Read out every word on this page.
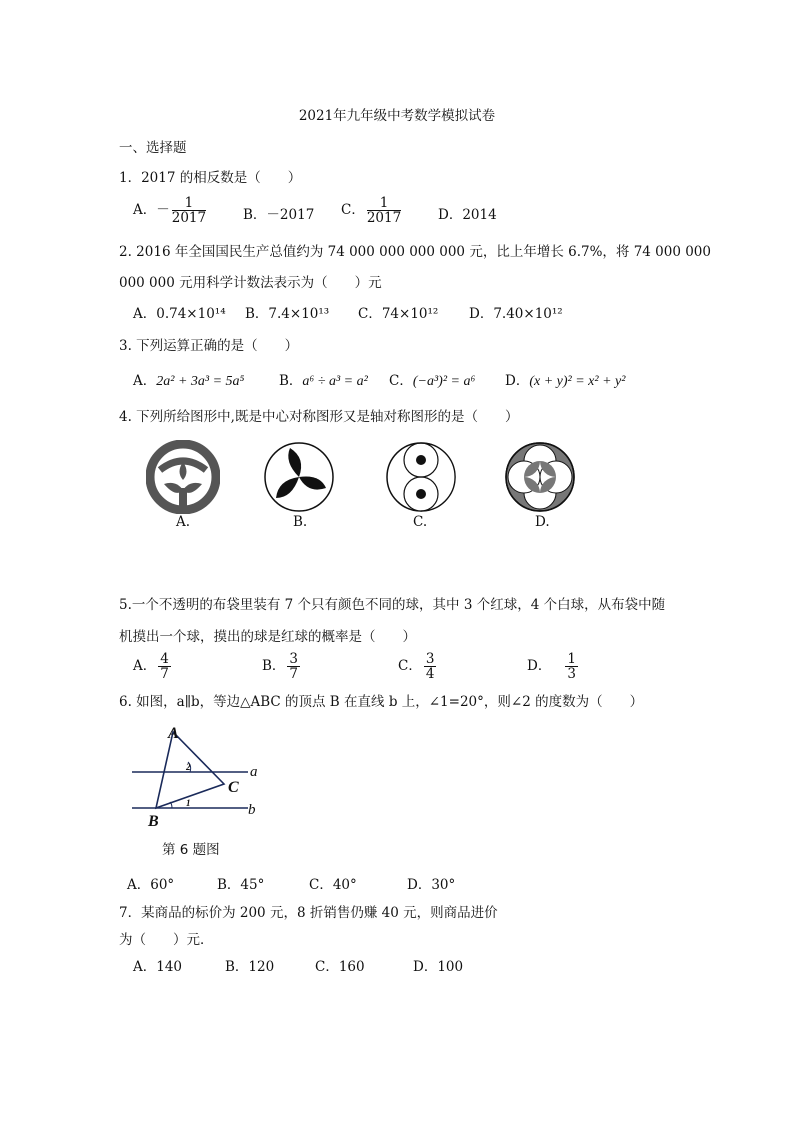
2021年九年级中考数学模拟试卷
一、选择题
1．2017 的相反数是（　　）
A．－ $\frac{1}{2017}$	B．－2017 C． $\frac{1}{2017}$	D．2014
2. 2016 年全国国民生产总值约为 74 000 000 000 000 元，比上年增长 6.7%，将 74 000 000
000 000 元用科学计数法表示为（　　）元
A．0.74×10¹⁴ B．7.4×10¹³ C．74×10¹² D．7.40×10¹²
3. 下列运算正确的是（　　）
A．2a² + 3a³ = 5a⁵	B．a⁶ ÷ a³ = a² C．(−a³)² = a⁶ D．(x + y)² = x² + y²
4. 下列所给图形中,既是中心对称图形又是轴对称图形的是（　　）
A.	B.	C.	D.
5.一个不透明的布袋里装有 7 个只有颜色不同的球，其中 3 个红球，4 个白球，从布袋中随
机摸出一个球，摸出的球是红球的概率是（　　）
A． $\frac{4}{7}$	B． $\frac{3}{7}$	C． $\frac{3}{4}$	D． $\frac{1}{3}$
6. 如图，a∥b，等边△ABC 的顶点 B 在直线 b 上，∠1=20°，则∠2 的度数为（　　）
A
B
C
a
b
2
1
第 6 题图
A．60°	B．45°	C．40°	D．30°
7．某商品的标价为 200 元，8 折销售仍赚 40 元，则商品进价
为（　　）元．
A．140	B．120	C．160	D．100
